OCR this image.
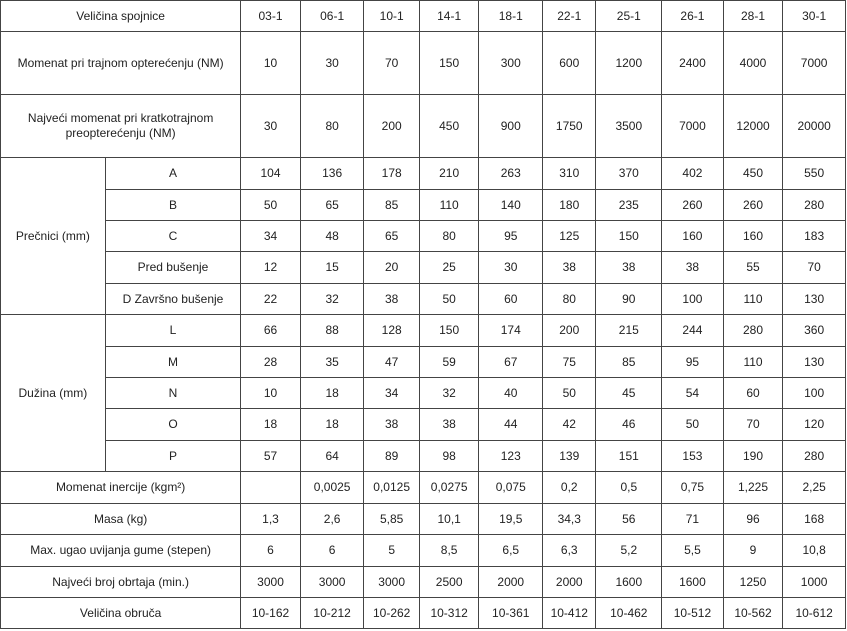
Veličina spojnice		03-1	06-1	10-1	14-1	18-1	22-1	25-1	26-1	28-1	30-1
Momenat pri trajnom opterećenju (NM)		10	30	70	150	300	600	1200	2400	4000	7000
Najveći momenat pri kratkotrajnom preopterećenju (NM)		30	80	200	450	900	1750	3500	7000	12000	20000
Prečnici (mm)	A	104	136	178	210	263	310	370	402	450	550
	B	50	65	85	110	140	180	235	260	260	280
	C	34	48	65	80	95	125	150	160	160	183
	Pred bušenje	12	15	20	25	30	38	38	38	55	70
	D Završno bušenje	22	32	38	50	60	80	90	100	110	130
Dužina (mm)	L	66	88	128	150	174	200	215	244	280	360
	M	28	35	47	59	67	75	85	95	110	130
	N	10	18	34	32	40	50	45	54	60	100
	O	18	18	38	38	44	42	46	50	70	120
	P	57	64	89	98	123	139	151	153	190	280
Momenat inercije (kgm²)			0,0025	0,0125	0,0275	0,075	0,2	0,5	0,75	1,225	2,25
Masa (kg)		1,3	2,6	5,85	10,1	19,5	34,3	56	71	96	168
Max. ugao uvijanja gume (stepen)		6	6	5	8,5	6,5	6,3	5,2	5,5	9	10,8
Najveći broj obrtaja (min.)		3000	3000	3000	2500	2000	2000	1600	1600	1250	1000
Veličina obruča		10-162	10-212	10-262	10-312	10-361	10-412	10-462	10-512	10-562	10-612
